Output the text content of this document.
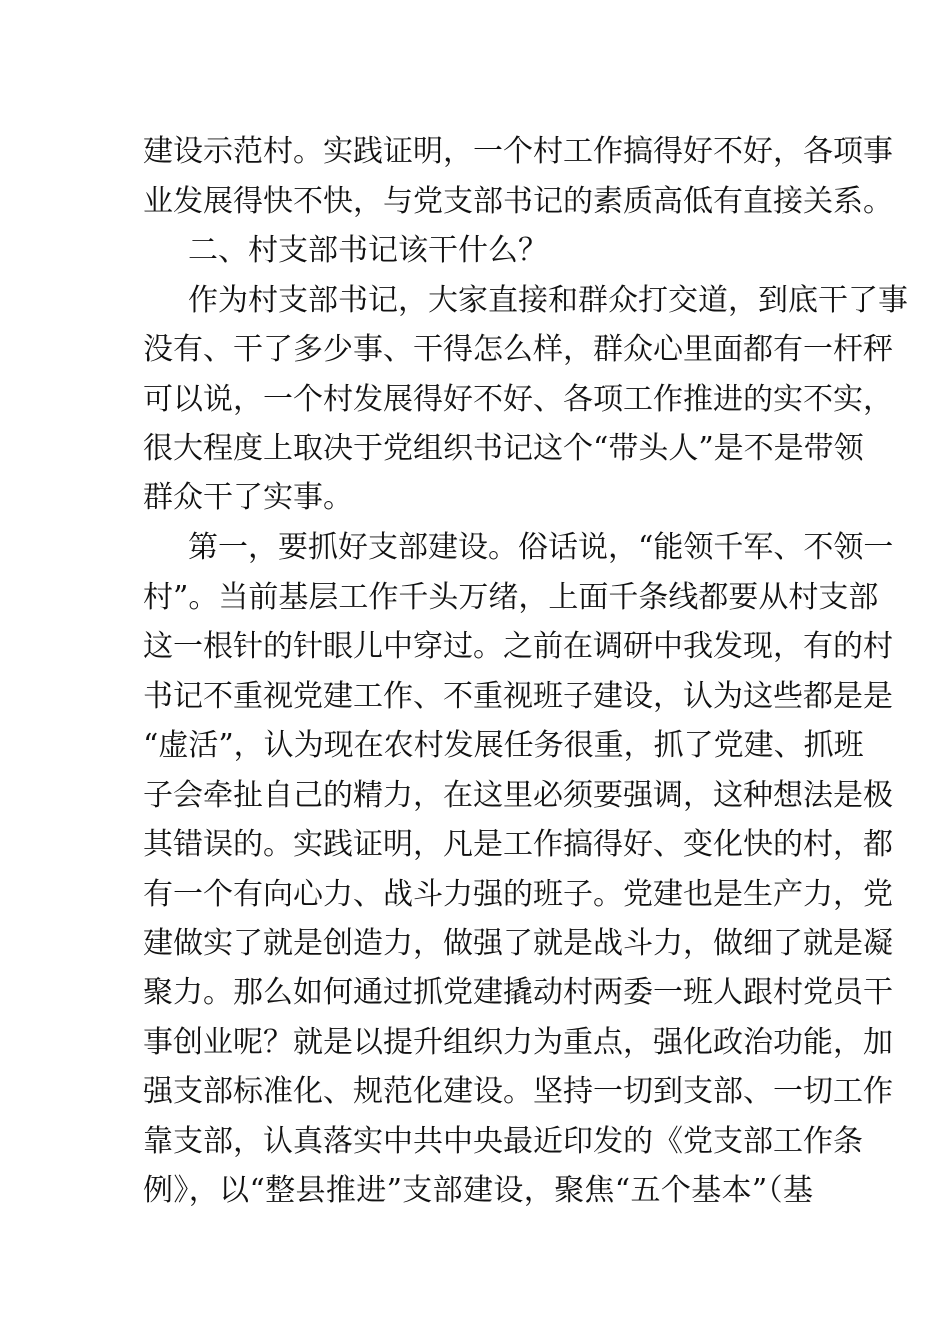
建设示范村。实践证明，一个村工作搞得好不好，各项事
业发展得快不快，与党支部书记的素质高低有直接关系。
二、村支部书记该干什么？
作为村支部书记，大家直接和群众打交道，到底干了事
没有、干了多少事、干得怎么样，群众心里面都有一杆秤
可以说，一个村发展得好不好、各项工作推进的实不实，
很大程度上取决于党组织书记这个“带头人”是不是带领
群众干了实事。
第一，要抓好支部建设。俗话说，“能领千军、不领一
村”。当前基层工作千头万绪，上面千条线都要从村支部
这一根针的针眼儿中穿过。之前在调研中我发现，有的村
书记不重视党建工作、不重视班子建设，认为这些都是是
“虚活”，认为现在农村发展任务很重，抓了党建、抓班
子会牵扯自己的精力，在这里必须要强调，这种想法是极
其错误的。实践证明，凡是工作搞得好、变化快的村，都
有一个有向心力、战斗力强的班子。党建也是生产力，党
建做实了就是创造力，做强了就是战斗力，做细了就是凝
聚力。那么如何通过抓党建撬动村两委一班人跟村党员干
事创业呢？就是以提升组织力为重点，强化政治功能，加
强支部标准化、规范化建设。坚持一切到支部、一切工作
靠支部，认真落实中共中央最近印发的《党支部工作条
例》，以“整县推进”支部建设，聚焦“五个基本”（基
